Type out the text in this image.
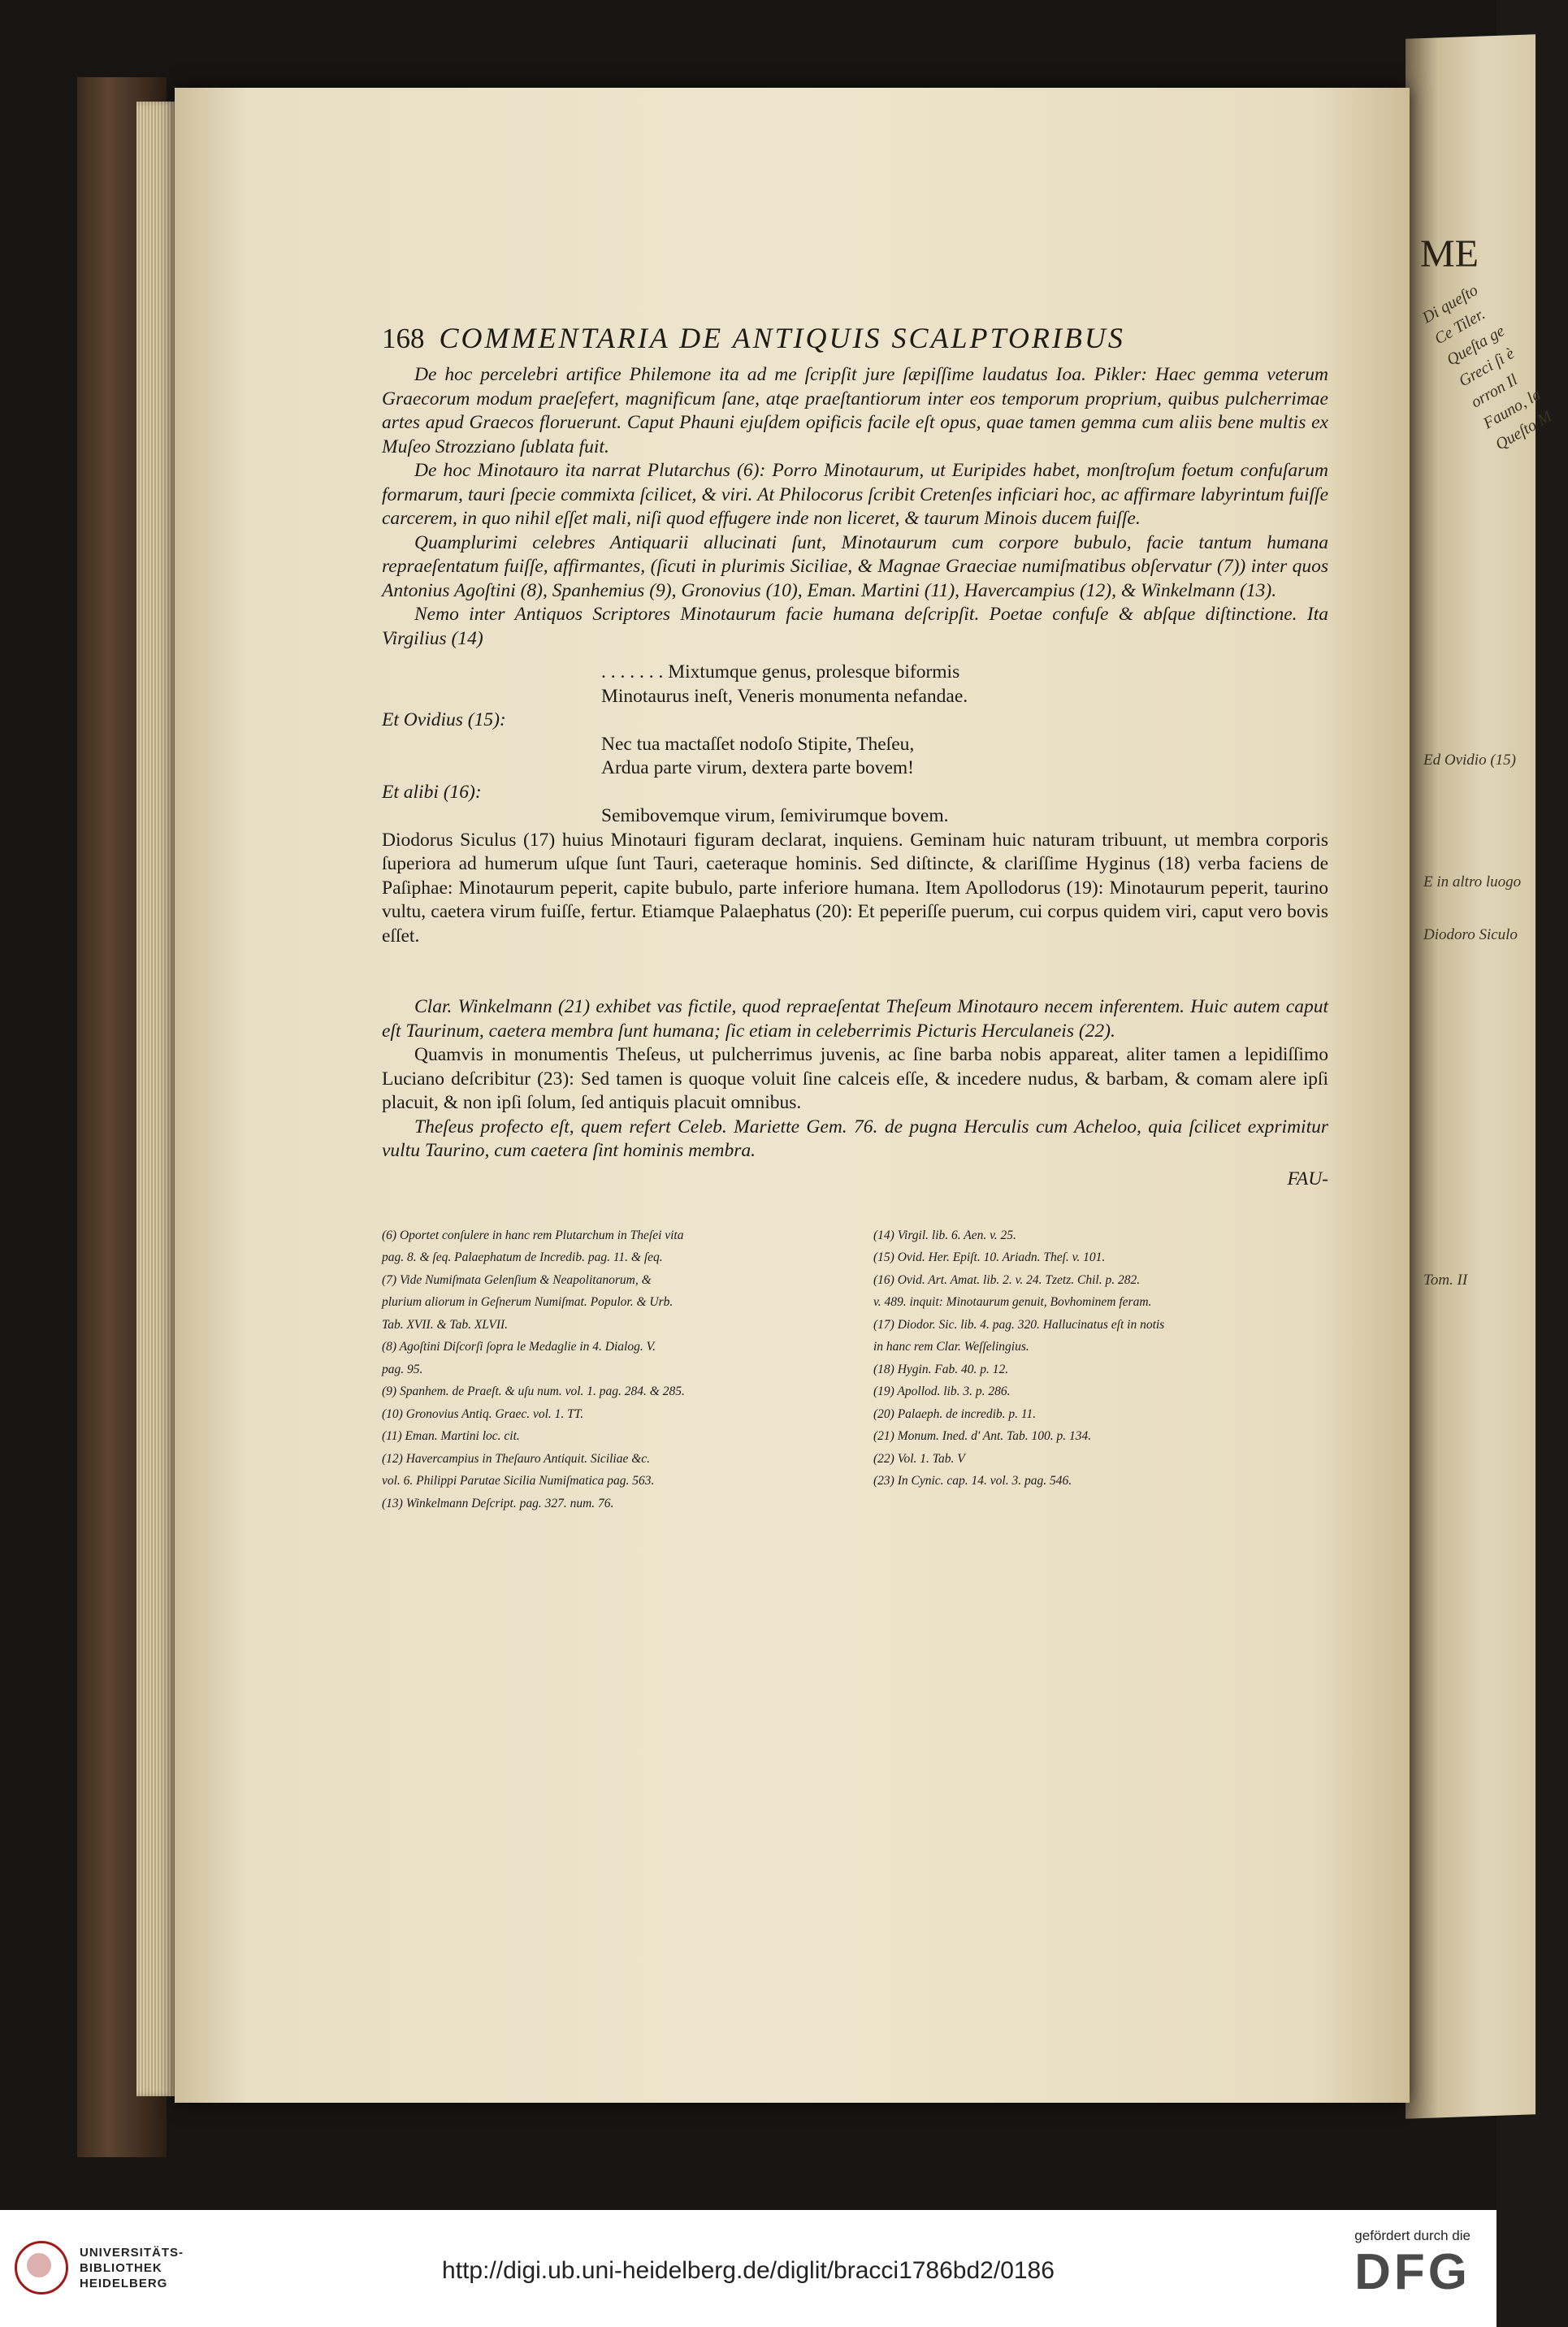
ME
Di queſto Ce Tiler. Queſta ge Greci ſi è orron Il Fauno, la Queſto M
Ed Ovidio (15)
E in altro luogo
Diodoro Siculo
Tom. II
168 COMMENTARIA DE ANTIQUIS SCALPTORIBUS

De hoc percelebri artifice Philemone ita ad me ſcripſit jure ſæpiſſime laudatus Ioa. Pikler: Haec gemma veterum Graecorum modum praeſefert, magnificum ſane, atqe praeſtantiorum inter eos temporum proprium, quibus pulcherrimae artes apud Graecos floruerunt. Caput Phauni ejuſdem opificis facile eſt opus, quae tamen gemma cum aliis bene multis ex Muſeo Strozziano ſublata fuit.

De hoc Minotauro ita narrat Plutarchus (6): Porro Minotaurum, ut Euripides habet, monſtroſum foetum confuſarum formarum, tauri ſpecie commixta ſcilicet, & viri. At Philocorus ſcribit Cretenſes inficiari hoc, ac affirmare labyrintum fuiſſe carcerem, in quo nihil eſſet mali, niſi quod effugere inde non liceret, & taurum Minois ducem fuiſſe.

Quamplurimi celebres Antiquarii allucinati ſunt, Minotaurum cum corpore bubulo, facie tantum humana repraeſentatum fuiſſe, affirmantes, (ſicuti in plurimis Siciliae, & Magnae Graeciae numiſmatibus obſervatur (7)) inter quos Antonius Agoſtini (8), Spanhemius (9), Gronovius (10), Eman. Martini (11), Havercampius (12), & Winkelmann (13).

Nemo inter Antiquos Scriptores Minotaurum facie humana deſcripſit. Poetae confuſe & abſque diſtinctione. Ita Virgilius (14)

. . . . . . . Mixtumque genus, prolesque biformis

Minotaurus ineſt, Veneris monumenta nefandae.

Et Ovidius (15):

Nec tua mactaſſet nodoſo Stipite, Theſeu,

Ardua parte virum, dextera parte bovem!

Et alibi (16):

Semibovemque virum, ſemivirumque bovem.

Diodorus Siculus (17) huius Minotauri figuram declarat, inquiens. Geminam huic naturam tribuunt, ut membra corporis ſuperiora ad humerum uſque ſunt Tauri, caeteraque hominis. Sed diſtincte, & clariſſime Hyginus (18) verba faciens de Paſiphae: Minotaurum peperit, capite bubulo, parte inferiore humana. Item Apollodorus (19): Minotaurum peperit, taurino vultu, caetera virum fuiſſe, fertur. Etiamque Palaephatus (20): Et peperiſſe puerum, cui corpus quidem viri, caput vero bovis eſſet.

Clar. Winkelmann (21) exhibet vas fictile, quod repraeſentat Theſeum Minotauro necem inferentem. Huic autem caput eſt Taurinum, caetera membra ſunt humana; ſic etiam in celeberrimis Picturis Herculaneis (22).

Quamvis in monumentis Theſeus, ut pulcherrimus juvenis, ac ſine barba nobis appareat, aliter tamen a lepidiſſimo Luciano deſcribitur (23): Sed tamen is quoque voluit ſine calceis eſſe, & incedere nudus, & barbam, & comam alere ipſi placuit, & non ipſi ſolum, ſed antiquis placuit omnibus.

Theſeus profecto eſt, quem refert Celeb. Mariette Gem. 76. de pugna Herculis cum Acheloo, quia ſcilicet exprimitur vultu Taurino, cum caetera ſint hominis membra.

FAU-

(6) Oportet conſulere in hanc rem Plutarchum in Theſei vita

pag. 8. & ſeq. Palaephatum de Incredib. pag. 11. & ſeq.

(7) Vide Numiſmata Gelenſium & Neapolitanorum, &

plurium aliorum in Geſnerum Numiſmat. Populor. & Urb.

Tab. XVII. & Tab. XLVII.

(8) Agoſtini Diſcorſi ſopra le Medaglie in 4. Dialog. V.

pag. 95.

(9) Spanhem. de Praeſt. & uſu num. vol. 1. pag. 284. & 285.

(10) Gronovius Antiq. Graec. vol. 1. TT.

(11) Eman. Martini loc. cit.

(12) Havercampius in Theſauro Antiquit. Siciliae &c.

vol. 6. Philippi Parutae Sicilia Numiſmatica pag. 563.

(13) Winkelmann Deſcript. pag. 327. num. 76.

(14) Virgil. lib. 6. Aen. v. 25.

(15) Ovid. Her. Epiſt. 10. Ariadn. Theſ. v. 101.

(16) Ovid. Art. Amat. lib. 2. v. 24. Tzetz. Chil. p. 282.

v. 489. inquit: Minotaurum genuit, Bovhominem feram.

(17) Diodor. Sic. lib. 4. pag. 320. Hallucinatus eſt in notis

in hanc rem Clar. Weſſelingius.

(18) Hygin. Fab. 40. p. 12.

(19) Apollod. lib. 3. p. 286.

(20) Palaeph. de incredib. p. 11.

(21) Monum. Ined. d' Ant. Tab. 100. p. 134.

(22) Vol. 1. Tab. V

(23) In Cynic. cap. 14. vol. 3. pag. 546.

UNIVERSITÄTS-
BIBLIOTHEK
HEIDELBERG	http://digi.ub.uni-heidelberg.de/diglit/bracci1786bd2/0186
gefördert durch die
DFG
